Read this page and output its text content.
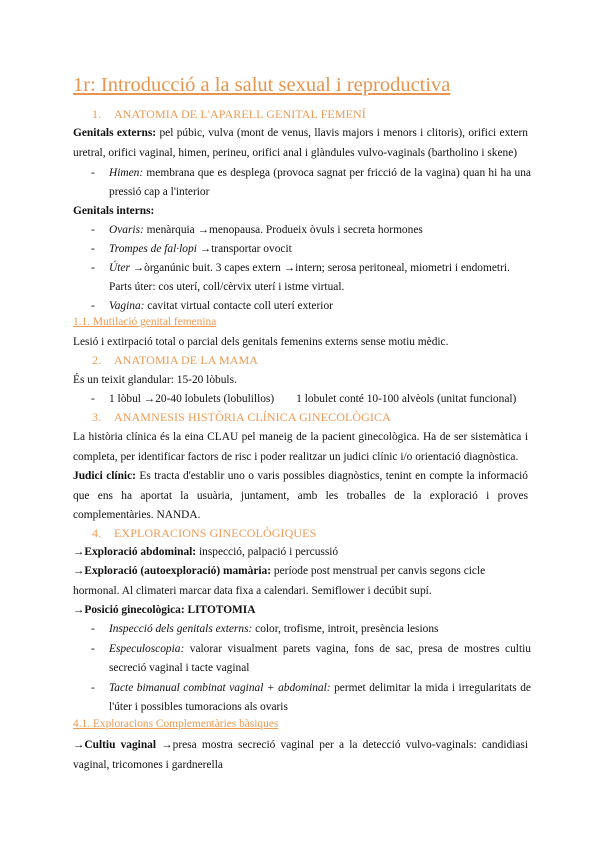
1r: Introducció a la salut sexual i reproductiva
1. ANATOMIA DE L'APARELL GENITAL FEMENÍ
Genitals externs: pel púbic, vulva (mont de venus, llavis majors i menors i clitoris), orifici extern uretral, orifici vaginal, himen, perineu, orifici anal i glàndules vulvo-vaginals (bartholino i skene)
- Himen: membrana que es desplega (provoca sagnat per fricció de la vagina) quan hi ha una pressió cap a l'interior
Genitals interns:
- Ovaris: menàrquia →menopausa. Produeix òvuls i secreta hormones
- Trompes de fal·lopi →transportar ovocit
- Úter →òrganúnic buit. 3 capes extern →intern; serosa peritoneal, miometri i endometri. Parts úter: cos uterí, coll/cèrvix uterí i istme virtual.
- Vagina: cavitat virtual contacte coll uterí exterior
1.1. Mutilació genital femenina
Lesió i extirpació total o parcial dels genitals femenins externs sense motiu mèdic.
2. ANATOMIA DE LA MAMA
És un teixit glandular: 15-20 lòbuls.
- 1 lòbul →20-40 lobulets (lobulillos) 1 lobulet conté 10-100 alvèols (unitat funcional)
3. ANAMNESIS HISTÒRIA CLÍNICA GINECOLÒGICA
La història clínica és la eina CLAU pel maneig de la pacient ginecològica. Ha de ser sistemàtica i completa, per identificar factors de risc i poder realitzar un judici clínic i/o orientació diagnòstica.
Judici clínic: Es tracta d'establir uno o varis possibles diagnòstics, tenint en compte la informació que ens ha aportat la usuària, juntament, amb les troballes de la exploració i proves complementàries. NANDA.
4. EXPLORACIONS GINECOLÒGIQUES
→Exploració abdominal: inspecció, palpació i percussió
→Exploració (autoexploració) mamària: període post menstrual per canvis segons cicle hormonal. Al climateri marcar data fixa a calendari. Semiflower i decúbit supí.
→Posició ginecològica: LITOTOMIA
- Inspecció dels genitals externs: color, trofisme, introit, presència lesions
- Especuloscopia: valorar visualment parets vagina, fons de sac, presa de mostres cultiu secreció vaginal i tacte vaginal
- Tacte bimanual combinat vaginal + abdominal: permet delimitar la mida i irregularitats de l'úter i possibles tumoracions als ovaris
4.1. Exploracions Complementàries bàsiques
→Cultiu vaginal →presa mostra secreció vaginal per a la detecció vulvo-vaginals: candidiasi vaginal, tricomones i gardnerella
